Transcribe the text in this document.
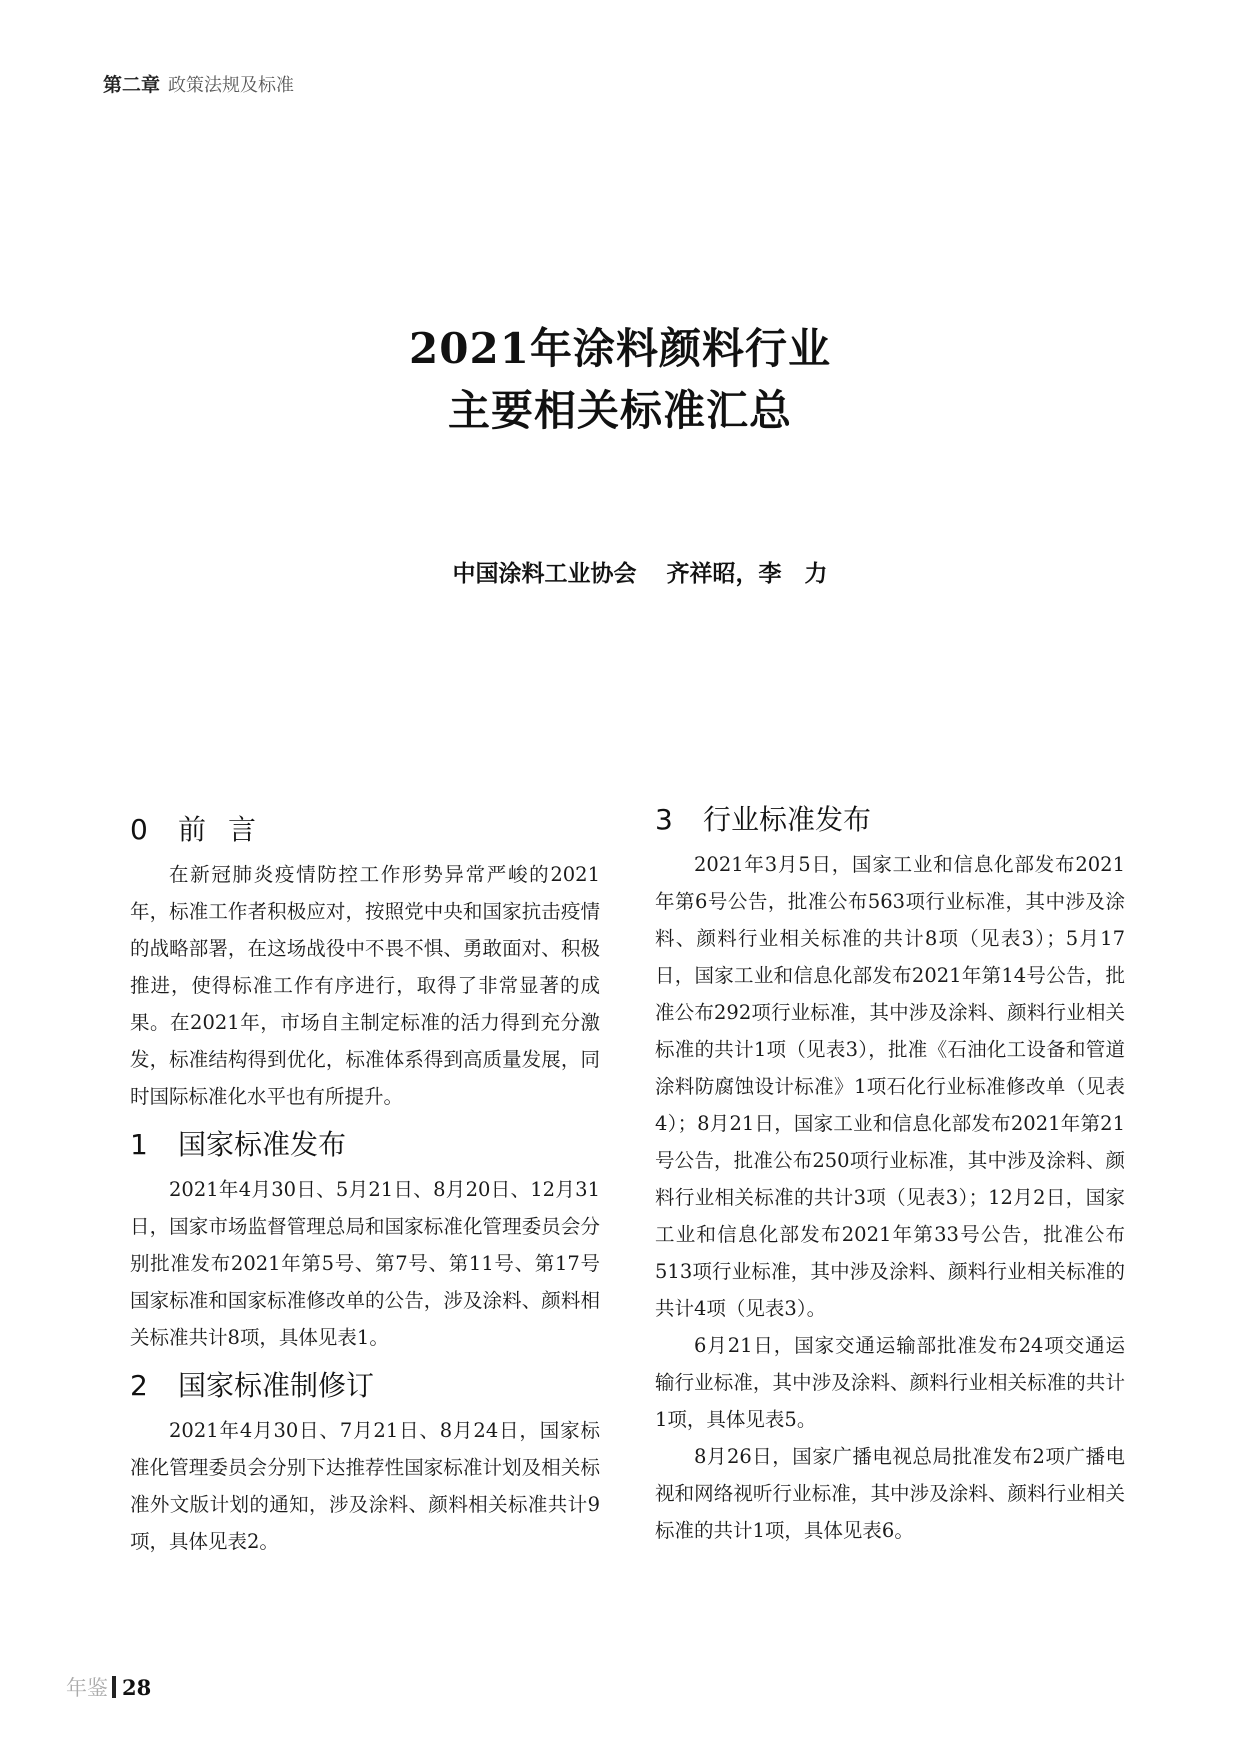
第二章 政策法规及标准
2021年涂料颜料行业
主要相关标准汇总
中国涂料工业协会 齐祥昭，李　力
0 前言

在新冠肺炎疫情防控工作形势异常严峻的2021年，标准工作者积极应对，按照党中央和国家抗击疫情的战略部署，在这场战役中不畏不惧、勇敢面对、积极推进，使得标准工作有序进行，取得了非常显著的成果。在2021年，市场自主制定标准的活力得到充分激发，标准结构得到优化，标准体系得到高质量发展，同时国际标准化水平也有所提升。

1 国家标准发布

2021年4月30日、5月21日、8月20日、12月31日，国家市场监督管理总局和国家标准化管理委员会分别批准发布2021年第5号、第7号、第11号、第17号国家标准和国家标准修改单的公告，涉及涂料、颜料相关标准共计8项，具体见表1。

2 国家标准制修订

2021年4月30日、7月21日、8月24日，国家标准化管理委员会分别下达推荐性国家标准计划及相关标准外文版计划的通知，涉及涂料、颜料相关标准共计9项，具体见表2。

3 行业标准发布

2021年3月5日，国家工业和信息化部发布2021年第6号公告，批准公布563项行业标准，其中涉及涂料、颜料行业相关标准的共计8项（见表3）；5月17日，国家工业和信息化部发布2021年第14号公告，批准公布292项行业标准，其中涉及涂料、颜料行业相关标准的共计1项（见表3），批准《石油化工设备和管道涂料防腐蚀设计标准》1项石化行业标准修改单（见表4）；8月21日，国家工业和信息化部发布2021年第21号公告，批准公布250项行业标准，其中涉及涂料、颜料行业相关标准的共计3项（见表3）；12月2日，国家工业和信息化部发布2021年第33号公告，批准公布513项行业标准，其中涉及涂料、颜料行业相关标准的共计4项（见表3）。

6月21日，国家交通运输部批准发布24项交通运输行业标准，其中涉及涂料、颜料行业相关标准的共计1项，具体见表5。

8月26日，国家广播电视总局批准发布2项广播电视和网络视听行业标准，其中涉及涂料、颜料行业相关标准的共计1项，具体见表6。

年鉴 28
